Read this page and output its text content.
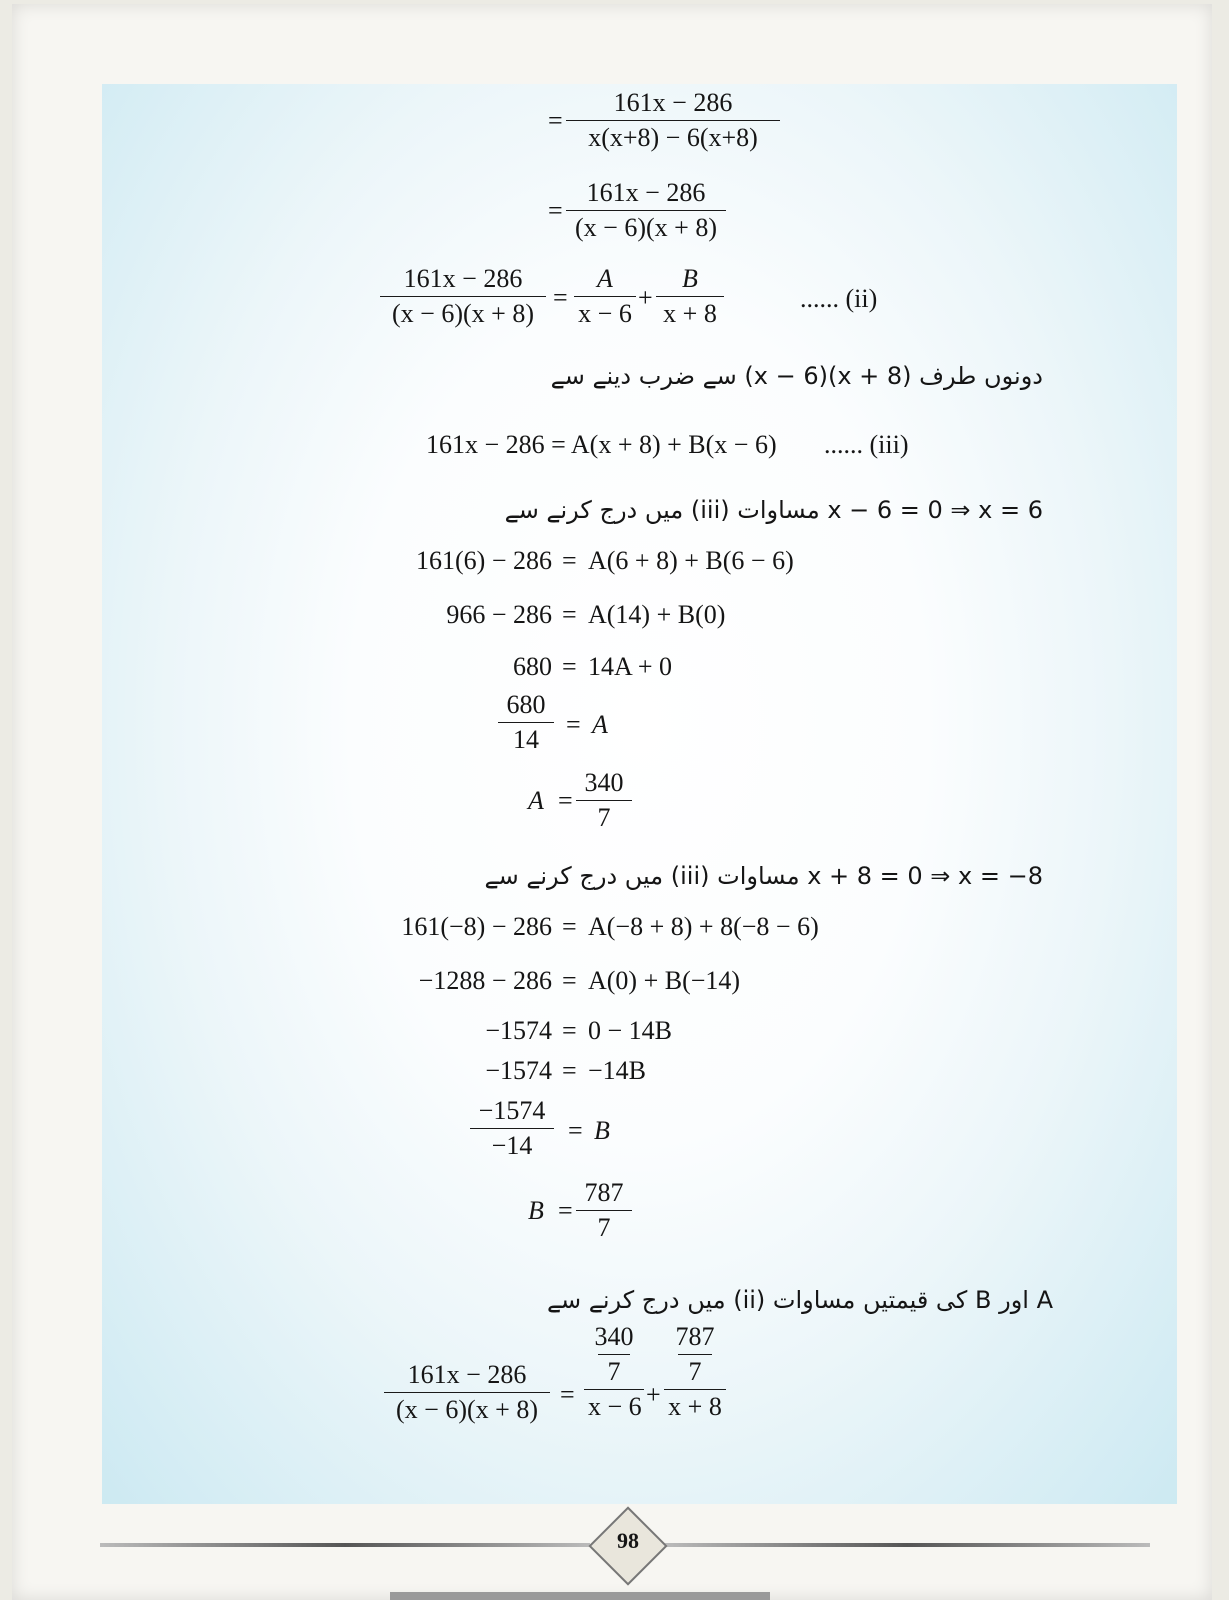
=
161x − 286
x(x+8) − 6(x+8)
=
161x − 286
(x − 6)(x + 8)
161x − 286
(x − 6)(x + 8)
=
A
x − 6
+
B
x + 8
...... (ii)
دونوں طرف (x + 8)(x − 6) سے ضرب دینے سے
161x − 286 = A(x + 8) + B(x − 6) ...... (iii)
x − 6 = 0 ⇒ x = 6 مساوات (iii) میں درج کرنے سے
161(6) − 286 = A(6 + 8) + B(6 − 6)
966 − 286 = A(14) + B(0)
680 = 14A + 0
680
14
= A
A =
340
7
x + 8 = 0 ⇒ x = −8 مساوات (iii) میں درج کرنے سے
161(−8) − 286 = A(−8 + 8) + 8(−8 − 6)
−1288 − 286 = A(0) + B(−14)
−1574 = 0 − 14B
−1574 = −14B
−1574
−14
= B
B =
787
7
A اور B کی قیمتیں مساوات (ii) میں درج کرنے سے
161x − 286
(x − 6)(x + 8)
=
340
7
x − 6 +
787
7
x + 8
98
